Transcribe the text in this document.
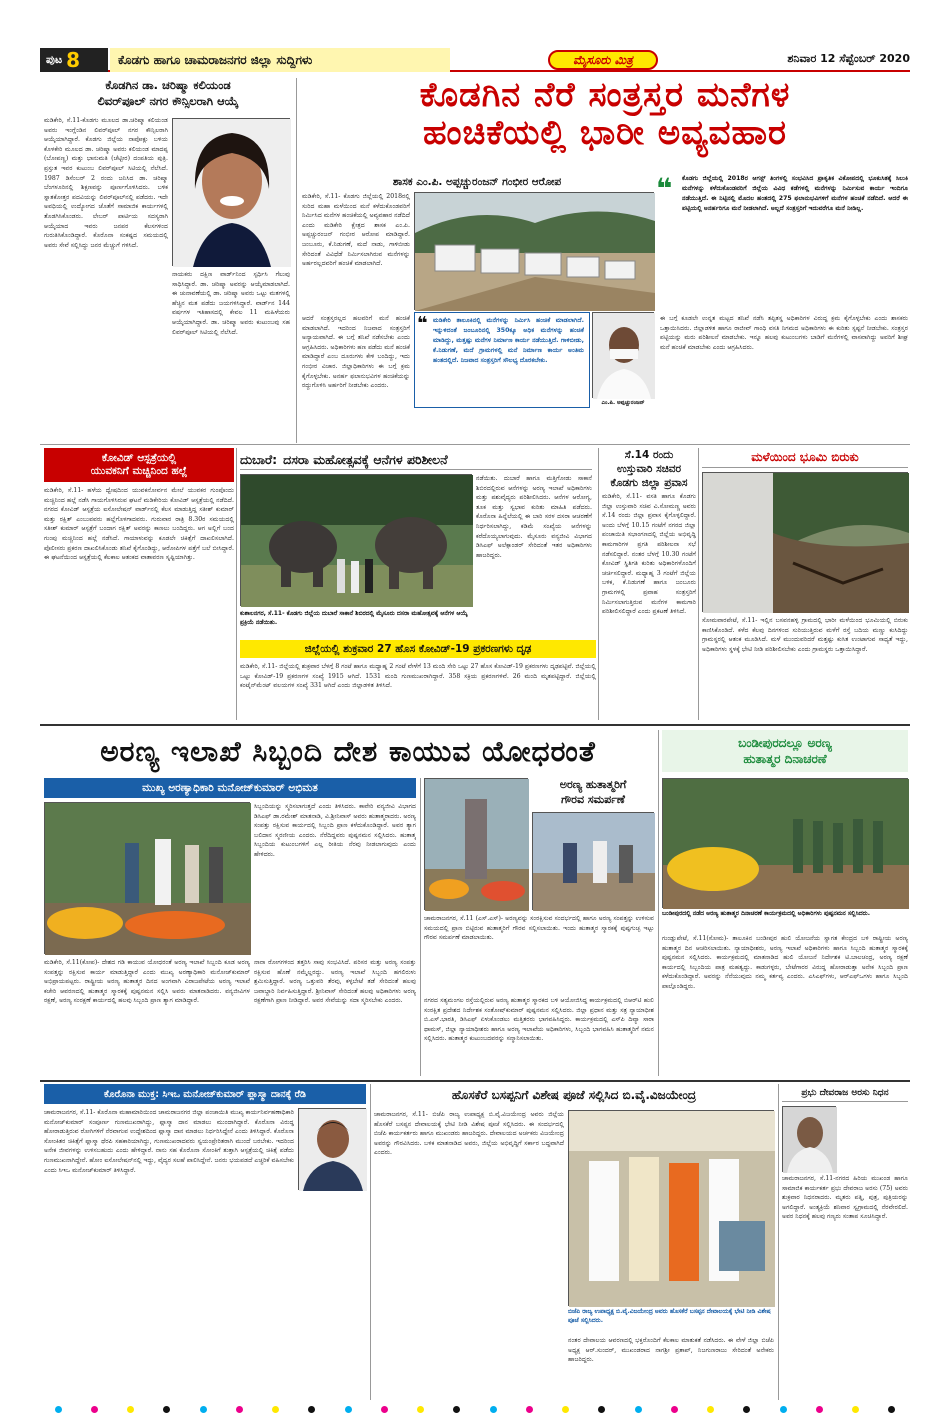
ಪುಟ 8	ಕೊಡಗು ಹಾಗೂ ಚಾಮರಾಜನಗರ ಜಿಲ್ಲಾ ಸುದ್ದಿಗಳು	ಮೈಸೂರು ಮಿತ್ರ	ಶನಿವಾರ 12 ಸೆಪ್ಟೆಂಬರ್ 2020
ಕೊಡಗಿನ ಡಾ. ಚರಿಷ್ಮಾ ಕಲಿಯಂಡ
ಲಿವರ್‌ಪೂಲ್ ನಗರ ಕೌನ್ಸಿಲರಾಗಿ ಆಯ್ಕೆ
ಮಡಿಕೇರಿ, ಸೆ.11-ಕೊಡಗು ಮೂಲದ ಡಾ.ಚರಿಷ್ಮಾ ಕಲಿಯಂಡ ಅವರು ಇಂಗ್ಲೆಂಡಿನ ಲಿವರ್‌ಪೂಲ್ ನಗರ ಕೌನ್ಸಿಲರಾಗಿ ಆಯ್ಕೆಯಾಗಿದ್ದಾರೆ. ಕೊಡಗು ಜಿಲ್ಲೆಯ ನಾಪೋಕ್ಲು ಬಳಿಯ ಕೊಳಕೇರಿ ಮೂಲದ ಡಾ. ಚರಿಷ್ಮಾ ಅವರು ಕಲಿಯಂಡ ಮಾದಪ್ಪ (ಬೋಪಣ್ಣ) ಮತ್ತು ಭಾನುಮತಿ (ಚೆಟ್ಟೀರ) ದಂಪತಿಯ ಪುತ್ರಿ. ಪ್ರಸ್ತುತ ಇವರ ಕುಟುಂಬ ಲಿವರ್‌ಪೂಲ್ ಸಿಟಿಯಲ್ಲಿ ನೆಲೆಸಿದೆ. 1987 ಡಿಸೆಂಬರ್ 2 ರಂದು ಜನಿಸಿದ ಡಾ. ಚರಿಷ್ಮಾ ಬೆಂಗಳೂರಿನಲ್ಲಿ ಶಿಕ್ಷಣವನ್ನು ಪೂರ್ಣಗೊಳಿಸಿದರು. ಬಳಿಕ ಸ್ನಾತಕೋತ್ತರ ಪದವಿಯನ್ನು ಲಿವರ್‌ಪೂಲ್‌ನಲ್ಲಿ ಪಡೆದರು. ಇದೇ ಅವಧಿಯಲ್ಲಿ ಉದ್ಯೋಗದ ಜೊತೆಗೆ ಸಾಮಾಜಿಕ ಕಾರ್ಯಗಳಲ್ಲಿ ತೊಡಗಿಸಿಕೊಂಡರು. ಲೇಬರ್ ಪಾರ್ಟಿಯ ಸದಸ್ಯರಾಗಿ ಆಯ್ಕೆಯಾದ ಇವರು ಜನಪರ ಕೆಲಸಗಳಿಂದ ಗುರುತಿಸಿಕೊಂಡಿದ್ದಾರೆ. ಕೊರೊನಾ ಸಂಕಷ್ಟದ ಸಮಯದಲ್ಲಿ ಅವರು ಸೇವೆ ಸಲ್ಲಿಸಿದ್ದು ಜನರ ಮೆಚ್ಚುಗೆ ಗಳಿಸಿದೆ.
ನಾಯಕರು ದಕ್ಷಿಣ ವಾರ್ಡ್‌ನಿಂದ ಸ್ಪರ್ಧಿಸಿ ಗೆಲುವು ಸಾಧಿಸಿದ್ದಾರೆ. ಡಾ. ಚರಿಷ್ಮಾ ಅವರನ್ನು ಆಯ್ಕೆಮಾಡಲಾಗಿದೆ. ಈ ಚುನಾವಣೆಯಲ್ಲಿ ಡಾ. ಚರಿಷ್ಮಾ ಅವರು ಒಟ್ಟು ಮತಗಳಲ್ಲಿ ಹೆಚ್ಚಿನ ಮತ ಪಡೆದು ಜಯಗಳಿಸಿದ್ದಾರೆ. ವಾರ್ಡ್‌ನ 144 ವರ್ಷಗಳ ಇತಿಹಾಸದಲ್ಲಿ ಕೇವಲ 11 ಮಹಿಳೆಯರು ಆಯ್ಕೆಯಾಗಿದ್ದಾರೆ. ಡಾ. ಚರಿಷ್ಮಾ ಅವರು ಕುಟುಂಬವು ಸಹ ಲಿವರ್‌ಪೂಲ್ ಸಿಟಿಯಲ್ಲಿ ನೆಲೆಸಿದೆ.
ಕೊಡಗಿನ ನೆರೆ ಸಂತ್ರಸ್ತರ ಮನೆಗಳ
ಹಂಚಿಕೆಯಲ್ಲಿ ಭಾರೀ ಅವ್ಯವಹಾರ
ಶಾಸಕ ಎಂ.ಪಿ. ಅಪ್ಪಚ್ಚುರಂಜನ್ ಗಂಭೀರ ಆರೋಪ
ಮಡಿಕೇರಿ, ಸೆ.11- ಕೊಡಗು ಜಿಲ್ಲೆಯಲ್ಲಿ 2018ರಲ್ಲಿ ಸುರಿದ ಮಹಾ ಮಳೆಯಿಂದ ಮನೆ ಕಳೆದುಕೊಂಡವರಿಗೆ ನಿರ್ಮಿಸಿದ ಮನೆಗಳ ಹಂಚಿಕೆಯಲ್ಲಿ ಅವ್ಯವಹಾರ ನಡೆದಿದೆ ಎಂದು ಮಡಿಕೇರಿ ಕ್ಷೇತ್ರದ ಶಾಸಕ ಎಂ.ಪಿ. ಅಪ್ಪಚ್ಚುರಂಜನ್ ಗಂಭೀರ ಆರೋಪ ಮಾಡಿದ್ದಾರೆ. ಜಂಬೂರು, ಕೆ.ನಿಡುಗಣೆ, ಮದೆ ನಾಡು, ಗಾಳಿಬೀಡು ಸೇರಿದಂತೆ ವಿವಿಧೆಡೆ ನಿರ್ಮಿಸಲಾಗಿರುವ ಮನೆಗಳನ್ನು ಅರ್ಹರಲ್ಲದವರಿಗೆ ಹಂಚಿಕೆ ಮಾಡಲಾಗಿದೆ.
❝ ಕೊಡಗು ಜಿಲ್ಲೆಯಲ್ಲಿ 2018ರ ಆಗಸ್ಟ್ ತಿಂಗಳಲ್ಲಿ ಸಂಭವಿಸಿದ ಪ್ರಾಕೃತಿಕ ವಿಕೋಪದಲ್ಲಿ ಭೂಕುಸಿತಕ್ಕೆ ಸಿಲುಕಿ ಮನೆಗಳನ್ನು ಕಳೆದುಕೊಂಡವರಿಗೆ ಜಿಲ್ಲೆಯ ವಿವಿಧ ಕಡೆಗಳಲ್ಲಿ ಮನೆಗಳನ್ನು ನಿರ್ಮಿಸುವ ಕಾರ್ಯ ಇಂದಿಗೂ ನಡೆಯುತ್ತಿದೆ. ಈ ನಿಟ್ಟಿನಲ್ಲಿ ಮೊದಲ ಹಂತದಲ್ಲಿ 275 ಫಲಾನುಭವಿಗಳಿಗೆ ಮನೆಗಳ ಹಂಚಿಕೆ ನಡೆದಿದೆ. ಆದರೆ ಈ ಪಟ್ಟಿಯಲ್ಲಿ ಅನರ್ಹರಿಗೂ ಮನೆ ನೀಡಲಾಗಿದೆ. ಅಲ್ಲದೆ ಸಂತ್ರಸ್ತರಿಗೆ ಇದುವರೆಗೂ ಮನೆ ನೀಡಿಲ್ಲ.
❝ ಮಡಿಕೇರಿ ತಾಲೂಕಿನಲ್ಲಿ ಮನೆಗಳನ್ನು ನಿರ್ಮಿಸಿ ಹಂಚಿಕೆ ಮಾಡಲಾಗಿದೆ. ಇನ್ನುಳಿದಂತೆ ಜಂಬೂರಿನಲ್ಲಿ 350ಕ್ಕೂ ಅಧಿಕ ಮನೆಗಳನ್ನು ಹಂಚಿಕೆ ಮಾಡಿದ್ದು, ಮತ್ತಷ್ಟು ಮನೆಗಳ ನಿರ್ಮಾಣ ಕಾರ್ಯ ನಡೆಯುತ್ತಿದೆ. ಗಾಳಿಬೀಡು, ಕೆ.ನಿಡುಗಣೆ, ಮದೆ ಗ್ರಾಮಗಳಲ್ಲಿ ಮನೆ ನಿರ್ಮಾಣ ಕಾರ್ಯ ಅಂತಿಮ ಹಂತದಲ್ಲಿದೆ. ನಿಜವಾದ ಸಂತ್ರಸ್ತರಿಗೆ ಸೌಲಭ್ಯ ದೊರಕಬೇಕು.
ಆದರೆ ಸಂತ್ರಸ್ತರಲ್ಲದ ಹಲವರಿಗೆ ಮನೆ ಹಂಚಿಕೆ ಮಾಡಲಾಗಿದೆ. ಇದರಿಂದ ನಿಜವಾದ ಸಂತ್ರಸ್ತರಿಗೆ ಅನ್ಯಾಯವಾಗಿದೆ. ಈ ಬಗ್ಗೆ ತನಿಖೆ ನಡೆಸಬೇಕು ಎಂದು ಆಗ್ರಹಿಸಿದರು. ಅಧಿಕಾರಿಗಳು ಹಣ ಪಡೆದು ಮನೆ ಹಂಚಿಕೆ ಮಾಡಿದ್ದಾರೆ ಎಂಬ ದೂರುಗಳು ಕೇಳಿ ಬಂದಿದ್ದು, ಇದು ಗಂಭೀರ ವಿಚಾರ. ಜಿಲ್ಲಾಧಿಕಾರಿಗಳು ಈ ಬಗ್ಗೆ ಕ್ರಮ ಕೈಗೊಳ್ಳಬೇಕು. ಅನರ್ಹ ಫಲಾನುಭವಿಗಳ ಹಂಚಿಕೆಯನ್ನು ರದ್ದುಗೊಳಿಸಿ ಅರ್ಹರಿಗೆ ನೀಡಬೇಕು ಎಂದರು.
ಎಂ.ಪಿ. ಅಪ್ಪಚ್ಚುರಂಜನ್
ಈ ಬಗ್ಗೆ ಕೂಡಲೇ ಉನ್ನತ ಮಟ್ಟದ ತನಿಖೆ ನಡೆಸಿ ತಪ್ಪಿತಸ್ಥ ಅಧಿಕಾರಿಗಳ ವಿರುದ್ಧ ಕ್ರಮ ಕೈಗೊಳ್ಳಬೇಕು ಎಂದು ಶಾಸಕರು ಒತ್ತಾಯಿಸಿದರು. ಜಿಲ್ಲಾಡಳಿತ ಹಾಗೂ ರಾಜೀವ್ ಗಾಂಧಿ ವಸತಿ ನಿಗಮದ ಅಧಿಕಾರಿಗಳು ಈ ಕುರಿತು ಸ್ಪಷ್ಟನೆ ನೀಡಬೇಕು. ಸಂತ್ರಸ್ತರ ಪಟ್ಟಿಯನ್ನು ಮರು ಪರಿಶೀಲನೆ ಮಾಡಬೇಕು. ಇನ್ನೂ ಹಲವು ಕುಟುಂಬಗಳು ಬಾಡಿಗೆ ಮನೆಗಳಲ್ಲಿ ವಾಸವಾಗಿದ್ದು ಅವರಿಗೆ ಶೀಘ್ರ ಮನೆ ಹಂಚಿಕೆ ಮಾಡಬೇಕು ಎಂದು ಆಗ್ರಹಿಸಿದರು.
ಕೋವಿಡ್ ಆಸ್ಪತ್ರೆಯಲ್ಲಿ
ಯುವಕನಿಗೆ ಮಚ್ಚಿನಿಂದ ಹಲ್ಲೆ
ಮಡಿಕೇರಿ, ಸೆ.11- ಹಳೆಯ ದ್ವೇಷದಿಂದ ಯುವಕನೋರ್ವನ ಮೇಲೆ ಯುವಕರ ಗುಂಪೊಂದು ಮಚ್ಚಿನಿಂದ ಹಲ್ಲೆ ನಡೆಸಿ ಗಾಯಗೊಳಿಸಿರುವ ಘಟನೆ ಮಡಿಕೇರಿಯ ಕೋವಿಡ್ ಆಸ್ಪತ್ರೆಯಲ್ಲಿ ನಡೆದಿದೆ. ನಗರದ ಕೋವಿಡ್ ಆಸ್ಪತ್ರೆಯ ಐಸೋಲೇಷನ್ ವಾರ್ಡ್‌ನಲ್ಲಿ ಕೆಲಸ ಮಾಡುತ್ತಿದ್ದ ಸತೀಶ್ ಕುಮಾರ್ ಮತ್ತು ರಕ್ಷಿತ್ ಎಂಬುವವರು ಹಲ್ಲೆಗೊಳಗಾದವರು. ಗುರುವಾರ ರಾತ್ರಿ 8.30ರ ಸಮಯದಲ್ಲಿ ಸತೀಶ್ ಕುಮಾರ್ ಆಸ್ಪತ್ರೆಗೆ ಬಂದಾಗ ರಕ್ಷಿತ್ ಅವರನ್ನು ಕಾಣಲು ಬಂದಿದ್ದರು. ಆಗ ಅಲ್ಲಿಗೆ ಬಂದ ಗುಂಪು ಮಚ್ಚಿನಿಂದ ಹಲ್ಲೆ ನಡೆಸಿದೆ. ಗಾಯಾಳುವನ್ನು ಕೂಡಲೇ ಚಿಕಿತ್ಸೆಗೆ ದಾಖಲಿಸಲಾಗಿದೆ. ಪೊಲೀಸರು ಪ್ರಕರಣ ದಾಖಲಿಸಿಕೊಂಡು ತನಿಖೆ ಕೈಗೊಂಡಿದ್ದು, ಆರೋಪಿಗಳ ಪತ್ತೆಗೆ ಬಲೆ ಬೀಸಿದ್ದಾರೆ. ಈ ಘಟನೆಯಿಂದ ಆಸ್ಪತ್ರೆಯಲ್ಲಿ ಕೆಲಕಾಲ ಆತಂಕದ ವಾತಾವರಣ ಸೃಷ್ಟಿಯಾಗಿತ್ತು.
ದುಬಾರೆ: ದಸರಾ ಮಹೋತ್ಸವಕ್ಕೆ ಆನೆಗಳ ಪರಿಶೀಲನೆ
ಕುಶಾಲನಗರ, ಸೆ.11- ಕೊಡಗು ಜಿಲ್ಲೆಯ ದುಬಾರೆ ಸಾಕಾನೆ ಶಿಬಿರದಲ್ಲಿ ಮೈಸೂರು ದಸರಾ ಮಹೋತ್ಸವಕ್ಕೆ ಆನೆಗಳ ಆಯ್ಕೆ ಪ್ರಕ್ರಿಯೆ ನಡೆಯಿತು.
ನಡೆಯಿತು. ದುಬಾರೆ ಹಾಗೂ ಮತ್ತಿಗೋಡು ಸಾಕಾನೆ ಶಿಬಿರದಲ್ಲಿರುವ ಆನೆಗಳನ್ನು ಅರಣ್ಯ ಇಲಾಖೆ ಅಧಿಕಾರಿಗಳು ಮತ್ತು ಪಶುವೈದ್ಯರು ಪರಿಶೀಲಿಸಿದರು. ಆನೆಗಳ ಆರೋಗ್ಯ, ತೂಕ ಮತ್ತು ಸ್ವಭಾವ ಕುರಿತು ಮಾಹಿತಿ ಪಡೆದರು. ಕೊರೊನಾ ಹಿನ್ನೆಲೆಯಲ್ಲಿ ಈ ಬಾರಿ ಸರಳ ದಸರಾ ಆಚರಣೆಗೆ ನಿರ್ಧರಿಸಲಾಗಿದ್ದು, ಕಡಿಮೆ ಸಂಖ್ಯೆಯ ಆನೆಗಳನ್ನು ಕರೆದೊಯ್ಯಲಾಗುವುದು. ಮೈಸೂರು ವನ್ಯಜೀವಿ ವಿಭಾಗದ ಡಿಸಿಎಫ್ ಅಲೆಕ್ಸಾಂಡರ್ ಸೇರಿದಂತೆ ಇತರ ಅಧಿಕಾರಿಗಳು ಹಾಜರಿದ್ದರು.
ಜಿಲ್ಲೆಯಲ್ಲಿ ಶುಕ್ರವಾರ 27 ಹೊಸ ಕೋವಿಡ್-19 ಪ್ರಕರಣಗಳು ದೃಢ
ಮಡಿಕೇರಿ, ಸೆ.11- ಜಿಲ್ಲೆಯಲ್ಲಿ ಶುಕ್ರವಾರ ಬೆಳಗ್ಗೆ 8 ಗಂಟೆ ಹಾಗೂ ಮಧ್ಯಾಹ್ನ 2 ಗಂಟೆ ವೇಳೆಗೆ 13 ಮಂದಿ ಸೇರಿ ಒಟ್ಟು 27 ಹೊಸ ಕೋವಿಡ್-19 ಪ್ರಕರಣಗಳು ದೃಢಪಟ್ಟಿವೆ. ಜಿಲ್ಲೆಯಲ್ಲಿ ಒಟ್ಟು ಕೋವಿಡ್-19 ಪ್ರಕರಣಗಳ ಸಂಖ್ಯೆ 1915 ಆಗಿದೆ. 1531 ಮಂದಿ ಗುಣಮುಖರಾಗಿದ್ದಾರೆ. 358 ಸಕ್ರಿಯ ಪ್ರಕರಣಗಳಿವೆ. 26 ಮಂದಿ ಮೃತಪಟ್ಟಿದ್ದಾರೆ. ಜಿಲ್ಲೆಯಲ್ಲಿ ಕಂಟೈನ್‌ಮೆಂಟ್ ವಲಯಗಳ ಸಂಖ್ಯೆ 331 ಆಗಿದೆ ಎಂದು ಜಿಲ್ಲಾಡಳಿತ ತಿಳಿಸಿದೆ.
ಸೆ.14 ರಂದು
ಉಸ್ತುವಾರಿ ಸಚಿವರ
ಕೊಡಗು ಜಿಲ್ಲಾ ಪ್ರವಾಸ
ಮಡಿಕೇರಿ, ಸೆ.11- ವಸತಿ ಹಾಗೂ ಕೊಡಗು ಜಿಲ್ಲಾ ಉಸ್ತುವಾರಿ ಸಚಿವ ವಿ.ಸೋಮಣ್ಣ ಅವರು ಸೆ.14 ರಂದು ಜಿಲ್ಲಾ ಪ್ರವಾಸ ಕೈಗೊಳ್ಳಲಿದ್ದಾರೆ. ಅಂದು ಬೆಳಗ್ಗೆ 10.15 ಗಂಟೆಗೆ ನಗರದ ಜಿಲ್ಲಾ ಪಂಚಾಯಿತಿ ಸಭಾಂಗಣದಲ್ಲಿ ಜಿಲ್ಲೆಯ ಅಭಿವೃದ್ಧಿ ಕಾಮಗಾರಿಗಳ ಪ್ರಗತಿ ಪರಿಶೀಲನಾ ಸಭೆ ನಡೆಸಲಿದ್ದಾರೆ. ನಂತರ ಬೆಳಗ್ಗೆ 10.30 ಗಂಟೆಗೆ ಕೋವಿಡ್ ಸ್ಥಿತಿಗತಿ ಕುರಿತು ಅಧಿಕಾರಿಗಳೊಂದಿಗೆ ಚರ್ಚಿಸಲಿದ್ದಾರೆ. ಮಧ್ಯಾಹ್ನ 3 ಗಂಟೆಗೆ ಜಿಲ್ಲೆಯ ಬಳಿಕ, ಕೆ.ನಿಡುಗಣೆ ಹಾಗೂ ಜಂಬೂರು ಗ್ರಾಮಗಳಲ್ಲಿ ಪ್ರವಾಹ ಸಂತ್ರಸ್ತರಿಗೆ ನಿರ್ಮಿಸಲಾಗುತ್ತಿರುವ ಮನೆಗಳ ಕಾಮಗಾರಿ ಪರಿಶೀಲಿಸಲಿದ್ದಾರೆ ಎಂದು ಪ್ರಕಟಣೆ ತಿಳಿಸಿದೆ.
ಮಳೆಯಿಂದ ಭೂಮಿ ಬಿರುಕು
ಸೋಮವಾರಪೇಟೆ, ಸೆ.11- ಇಲ್ಲಿನ ಬಸವನಹಳ್ಳಿ ಗ್ರಾಮದಲ್ಲಿ ಭಾರೀ ಮಳೆಯಿಂದ ಭೂಮಿಯಲ್ಲಿ ಬಿರುಕು ಕಾಣಿಸಿಕೊಂಡಿದೆ. ಕಳೆದ ಕೆಲವು ದಿನಗಳಿಂದ ಸುರಿಯುತ್ತಿರುವ ಮಳೆಗೆ ರಸ್ತೆ ಬದಿಯ ಮಣ್ಣು ಕುಸಿದಿದ್ದು ಗ್ರಾಮಸ್ಥರಲ್ಲಿ ಆತಂಕ ಮೂಡಿಸಿದೆ. ಮಳೆ ಮುಂದುವರಿದರೆ ಮತ್ತಷ್ಟು ಕುಸಿತ ಉಂಟಾಗುವ ಸಾಧ್ಯತೆ ಇದ್ದು, ಅಧಿಕಾರಿಗಳು ಸ್ಥಳಕ್ಕೆ ಭೇಟಿ ನೀಡಿ ಪರಿಶೀಲಿಸಬೇಕು ಎಂದು ಗ್ರಾಮಸ್ಥರು ಒತ್ತಾಯಿಸಿದ್ದಾರೆ.
ಅರಣ್ಯ ಇಲಾಖೆ ಸಿಬ್ಬಂದಿ ದೇಶ ಕಾಯುವ ಯೋಧರಂತೆ
ಮುಖ್ಯ ಅರಣ್ಯಾಧಿಕಾರಿ ಮನೋಜ್‌ಕುಮಾರ್ ಅಭಿಮತ
ಸಿಬ್ಬಂದಿಯನ್ನು ಸ್ಮರಿಸಲಾಗುತ್ತದೆ ಎಂದು ತಿಳಿಸಿದರು. ಕಾವೇರಿ ವನ್ಯಜೀವಿ ವಿಭಾಗದ ಡಿಸಿಎಫ್ ಡಾ.ರಮೇಶ್ ಮಾತನಾಡಿ, ವಿ.ಶ್ರೀನಿವಾಸ್ ಅವರು ಹುತಾತ್ಮರಾದರು. ಅರಣ್ಯ ಸಂಪತ್ತು ರಕ್ಷಿಸುವ ಕಾರ್ಯದಲ್ಲಿ ಸಿಬ್ಬಂದಿ ಪ್ರಾಣ ಕಳೆದುಕೊಂಡಿದ್ದಾರೆ. ಅವರ ತ್ಯಾಗ ಬಲಿದಾನ ಸ್ಮರಣೀಯ ಎಂದರು. ನೆರೆದಿದ್ದವರು ಪುಷ್ಪನಮನ ಸಲ್ಲಿಸಿದರು. ಹುತಾತ್ಮ ಸಿಬ್ಬಂದಿಯ ಕುಟುಂಬಗಳಿಗೆ ಎಲ್ಲ ರೀತಿಯ ನೆರವು ನೀಡಲಾಗುವುದು ಎಂದು ಹೇಳಿದರು.
ಮಡಿಕೇರಿ, ಸೆ.11(ಕೋಪ)- ದೇಶದ ಗಡಿ ಕಾಯುವ ಯೋಧರಂತೆ ಅರಣ್ಯ ಇಲಾಖೆ ಸಿಬ್ಬಂದಿ ಕೂಡ ಅರಣ್ಯ ಸಂಪತ್ತನ್ನು ರಕ್ಷಿಸುವ ಕಾರ್ಯ ಮಾಡುತ್ತಿದ್ದಾರೆ ಎಂದು ಮುಖ್ಯ ಅರಣ್ಯಾಧಿಕಾರಿ ಮನೋಜ್‌ಕುಮಾರ್ ಅಭಿಪ್ರಾಯಪಟ್ಟರು. ರಾಷ್ಟ್ರೀಯ ಅರಣ್ಯ ಹುತಾತ್ಮರ ದಿನದ ಅಂಗವಾಗಿ ವಿರಾಜಪೇಟೆಯ ಅರಣ್ಯ ಇಲಾಖೆ ಕಚೇರಿ ಆವರಣದಲ್ಲಿ ಹುತಾತ್ಮರ ಸ್ಮಾರಕಕ್ಕೆ ಪುಷ್ಪನಮನ ಸಲ್ಲಿಸಿ ಅವರು ಮಾತನಾಡಿದರು. ವನ್ಯಜೀವಿಗಳ ರಕ್ಷಣೆ, ಅರಣ್ಯ ಸಂರಕ್ಷಣೆ ಕಾರ್ಯದಲ್ಲಿ ಹಲವು ಸಿಬ್ಬಂದಿ ಪ್ರಾಣ ತ್ಯಾಗ ಮಾಡಿದ್ದಾರೆ.
ನಾನಾ ರೋಗಗಳಿಂದ ತತ್ತರಿಸಿ ಸಾವು ಸಂಭವಿಸಿದೆ. ಪರಿಸರ ಮತ್ತು ಅರಣ್ಯ ಸಂಪತ್ತು ರಕ್ಷಿಸುವ ಹೊಣೆ ನಮ್ಮೆಲ್ಲರದ್ದು. ಅರಣ್ಯ ಇಲಾಖೆ ಸಿಬ್ಬಂದಿ ಹಗಲಿರುಳು ಶ್ರಮಿಸುತ್ತಿದ್ದಾರೆ. ಅರಣ್ಯ ಒತ್ತುವರಿ ತೆರವು, ಕಳ್ಳಬೇಟೆ ತಡೆ ಸೇರಿದಂತೆ ಹಲವು ಜವಾಬ್ದಾರಿ ನಿರ್ವಹಿಸುತ್ತಿದ್ದಾರೆ. ಶ್ರೀನಿವಾಸ್ ಸೇರಿದಂತೆ ಹಲವು ಅಧಿಕಾರಿಗಳು ಅರಣ್ಯ ರಕ್ಷಣೆಗಾಗಿ ಪ್ರಾಣ ನೀಡಿದ್ದಾರೆ. ಅವರ ಸೇವೆಯನ್ನು ಸದಾ ಸ್ಮರಿಸಬೇಕು ಎಂದರು.
ಅರಣ್ಯ ಹುತಾತ್ಮರಿಗೆ
ಗೌರವ ಸಮರ್ಪಣೆ
ಚಾಮರಾಜನಗರ, ಸೆ.11 (ಎಸ್.ಎಸ್)- ಅರಣ್ಯವನ್ನು ಸಂರಕ್ಷಿಸುವ ಸಂದರ್ಭದಲ್ಲಿ ಹಾಗೂ ಅರಣ್ಯ ಸಂಪತ್ತನ್ನು ಉಳಿಸುವ ಸಮಯದಲ್ಲಿ ಪ್ರಾಣ ಬಿಟ್ಟಿರುವ ಹುತಾತ್ಮರಿಗೆ ಗೌರವ ಸಲ್ಲಿಸಲಾಯಿತು. ಇಂದು ಹುತಾತ್ಮರ ಸ್ಮಾರಕಕ್ಕೆ ಪುಷ್ಪಗುಚ್ಛ ಇಟ್ಟು ಗೌರವ ಸಮರ್ಪಣೆ ಮಾಡಲಾಯಿತು.
ನಗರದ ಸತ್ಯಮಂಗಲ ರಸ್ತೆಯಲ್ಲಿರುವ ಅರಣ್ಯ ಹುತಾತ್ಮರ ಸ್ಮಾರಕದ ಬಳಿ ಆಯೋಜಿಸಿದ್ದ ಕಾರ್ಯಕ್ರಮದಲ್ಲಿ ಬಿಆರ್‌ಟಿ ಹುಲಿ ಸಂರಕ್ಷಿತ ಪ್ರದೇಶದ ನಿರ್ದೇಶಕ ಸಂತೋಷ್‌ಕುಮಾರ್ ಪುಷ್ಪನಮನ ಸಲ್ಲಿಸಿದರು. ಜಿಲ್ಲಾ ಪ್ರಧಾನ ಮತ್ತು ಸತ್ರ ನ್ಯಾಯಾಧೀಶ ಬಿ.ಎಸ್.ಭಾರತಿ, ಡಿಸಿಎಫ್ ಏಳುಕೊಂಡಲು ಮತ್ತಿತರರು ಭಾಗವಹಿಸಿದ್ದರು. ಕಾರ್ಯಕ್ರಮದಲ್ಲಿ ಎಸ್‌ಪಿ ದಿವ್ಯಾ ಸಾರಾ ಥಾಮಸ್, ಜಿಲ್ಲಾ ನ್ಯಾಯಾಧೀಶರು ಹಾಗೂ ಅರಣ್ಯ ಇಲಾಖೆಯ ಅಧಿಕಾರಿಗಳು, ಸಿಬ್ಬಂದಿ ಭಾಗವಹಿಸಿ ಹುತಾತ್ಮರಿಗೆ ನಮನ ಸಲ್ಲಿಸಿದರು. ಹುತಾತ್ಮರ ಕುಟುಂಬದವರನ್ನು ಸನ್ಮಾನಿಸಲಾಯಿತು.
ಬಂಡೀಪುರದಲ್ಲೂ ಅರಣ್ಯ
ಹುತಾತ್ಮರ ದಿನಾಚರಣೆ
ಬಂಡೀಪುರದಲ್ಲಿ ನಡೆದ ಅರಣ್ಯ ಹುತಾತ್ಮರ ದಿನಾಚರಣೆ ಕಾರ್ಯಕ್ರಮದಲ್ಲಿ ಅಧಿಕಾರಿಗಳು ಪುಷ್ಪನಮನ ಸಲ್ಲಿಸಿದರು.
ಗುಂಡ್ಲುಪೇಟೆ, ಸೆ.11(ಸೋಮ)- ತಾಲೂಕಿನ ಬಂಡೀಪುರ ಹುಲಿ ಯೋಜನೆಯ ಸ್ವಾಗತ ಕೇಂದ್ರದ ಬಳಿ ರಾಷ್ಟ್ರೀಯ ಅರಣ್ಯ ಹುತಾತ್ಮರ ದಿನ ಆಚರಿಸಲಾಯಿತು. ನ್ಯಾಯಾಧೀಶರು, ಅರಣ್ಯ ಇಲಾಖೆ ಅಧಿಕಾರಿಗಳು ಹಾಗೂ ಸಿಬ್ಬಂದಿ ಹುತಾತ್ಮರ ಸ್ಮಾರಕಕ್ಕೆ ಪುಷ್ಪನಮನ ಸಲ್ಲಿಸಿದರು. ಕಾರ್ಯಕ್ರಮದಲ್ಲಿ ಮಾತನಾಡಿದ ಹುಲಿ ಯೋಜನೆ ನಿರ್ದೇಶಕ ಟಿ.ಬಾಲಚಂದ್ರ, ಅರಣ್ಯ ರಕ್ಷಣೆ ಕಾರ್ಯದಲ್ಲಿ ಸಿಬ್ಬಂದಿಯ ಪಾತ್ರ ಮಹತ್ವದ್ದು. ಕಾಡುಗಳ್ಳರು, ಬೇಟೆಗಾರರ ವಿರುದ್ಧ ಹೋರಾಡುತ್ತಾ ಅನೇಕ ಸಿಬ್ಬಂದಿ ಪ್ರಾಣ ಕಳೆದುಕೊಂಡಿದ್ದಾರೆ. ಅವರನ್ನು ನೆನೆಯುವುದು ನಮ್ಮ ಕರ್ತವ್ಯ ಎಂದರು. ಎಸಿಎಫ್‌ಗಳು, ಆರ್‌ಎಫ್‌ಒಗಳು ಹಾಗೂ ಸಿಬ್ಬಂದಿ ಪಾಲ್ಗೊಂಡಿದ್ದರು.
ಕೊರೊನಾ ಮುಕ್ತ: ಸಿಇಒ ಮನೋಜ್‌ಕುಮಾರ್ ಪ್ಲಾಸ್ಮಾ ದಾನಕ್ಕೆ ರೆಡಿ
ಚಾಮರಾಜನಗರ, ಸೆ.11- ಕೊರೊನಾ ಮಹಾಮಾರಿಯಿಂದ ಚಾಮರಾಜನಗರ ಜಿಲ್ಲಾ ಪಂಚಾಯಿತಿ ಮುಖ್ಯ ಕಾರ್ಯನಿರ್ವಹಣಾಧಿಕಾರಿ ಮನೋಜ್‌ಕುಮಾರ್ ಸಂಪೂರ್ಣ ಗುಣಮುಖರಾಗಿದ್ದು, ಪ್ಲಾಸ್ಮಾ ದಾನ ಮಾಡಲು ಮುಂದಾಗಿದ್ದಾರೆ. ಕೊರೊನಾ ವಿರುದ್ಧ ಹೋರಾಡುತ್ತಿರುವ ರೋಗಿಗಳಿಗೆ ನೆರವಾಗುವ ಉದ್ದೇಶದಿಂದ ಪ್ಲಾಸ್ಮಾ ದಾನ ಮಾಡಲು ನಿರ್ಧರಿಸಿದ್ದೇನೆ ಎಂದು ತಿಳಿಸಿದ್ದಾರೆ. ಕೊರೊನಾ ಸೋಂಕಿತರ ಚಿಕಿತ್ಸೆಗೆ ಪ್ಲಾಸ್ಮಾ ಥೆರಪಿ ಸಹಕಾರಿಯಾಗಿದ್ದು, ಗುಣಮುಖರಾದವರು ಸ್ವಯಂಪ್ರೇರಿತರಾಗಿ ಮುಂದೆ ಬರಬೇಕು. ಇದರಿಂದ ಅನೇಕ ಜೀವಗಳನ್ನು ಉಳಿಸಬಹುದು ಎಂದು ಹೇಳಿದ್ದಾರೆ. ನಾನು ಸಹ ಕೊರೊನಾ ಸೋಂಕಿಗೆ ತುತ್ತಾಗಿ ಆಸ್ಪತ್ರೆಯಲ್ಲಿ ಚಿಕಿತ್ಸೆ ಪಡೆದು ಗುಣಮುಖನಾಗಿದ್ದೇನೆ. ಹೋಂ ಐಸೋಲೇಷನ್‌ನಲ್ಲಿ ಇದ್ದು, ವೈದ್ಯರ ಸಲಹೆ ಪಾಲಿಸಿದ್ದೇನೆ. ಜನರು ಭಯಪಡದೆ ಎಚ್ಚರಿಕೆ ವಹಿಸಬೇಕು ಎಂದು ಸಿಇಒ ಮನೋಜ್‌ಕುಮಾರ್ ತಿಳಿಸಿದ್ದಾರೆ.
ಹೊಸಕೆರೆ ಬಸಪ್ಪನಿಗೆ ವಿಶೇಷ ಪೂಜೆ ಸಲ್ಲಿಸಿದ ಬಿ.ವೈ.ವಿಜಯೇಂದ್ರ
ಚಾಮರಾಜನಗರ, ಸೆ.11- ಬಿಜೆಪಿ ರಾಜ್ಯ ಉಪಾಧ್ಯಕ್ಷ ಬಿ.ವೈ.ವಿಜಯೇಂದ್ರ ಅವರು ಜಿಲ್ಲೆಯ ಹೊಸಕೆರೆ ಬಸಪ್ಪನ ದೇವಾಲಯಕ್ಕೆ ಭೇಟಿ ನೀಡಿ ವಿಶೇಷ ಪೂಜೆ ಸಲ್ಲಿಸಿದರು. ಈ ಸಂದರ್ಭದಲ್ಲಿ ಬಿಜೆಪಿ ಕಾರ್ಯಕರ್ತರು ಹಾಗೂ ಮುಖಂಡರು ಹಾಜರಿದ್ದರು. ದೇವಾಲಯದ ಅರ್ಚಕರು ವಿಜಯೇಂದ್ರ ಅವರನ್ನು ಗೌರವಿಸಿದರು. ಬಳಿಕ ಮಾತನಾಡಿದ ಅವರು, ಜಿಲ್ಲೆಯ ಅಭಿವೃದ್ಧಿಗೆ ಸರ್ಕಾರ ಬದ್ಧವಾಗಿದೆ ಎಂದರು.
ಬಿಜೆಪಿ ರಾಜ್ಯ ಉಪಾಧ್ಯಕ್ಷ ಬಿ.ವೈ.ವಿಜಯೇಂದ್ರ ಅವರು ಹೊಸಕೆರೆ ಬಸಪ್ಪನ ದೇವಾಲಯಕ್ಕೆ ಭೇಟಿ ನೀಡಿ ವಿಶೇಷ ಪೂಜೆ ಸಲ್ಲಿಸಿದರು.
ನಂತರ ದೇವಾಲಯ ಆವರಣದಲ್ಲಿ ಭಕ್ತರೊಂದಿಗೆ ಕೆಲಕಾಲ ಮಾತುಕತೆ ನಡೆಸಿದರು. ಈ ವೇಳೆ ಜಿಲ್ಲಾ ಬಿಜೆಪಿ ಅಧ್ಯಕ್ಷ ಆರ್.ಸುಂದರ್, ಮುಖಂಡರಾದ ನಾಗಶ್ರೀ ಪ್ರತಾಪ್, ನಿಜಗುಣರಾಜು ಸೇರಿದಂತೆ ಅನೇಕರು ಹಾಜರಿದ್ದರು.
ಪ್ರಭು ದೇವರಾಜ ಅರಸು ನಿಧನ
ಚಾಮರಾಜನಗರ, ಸೆ.11-ನಗರದ ಹಿರಿಯ ಮುಖಂಡ ಹಾಗೂ ಸಾಮಾಜಿಕ ಕಾರ್ಯಕರ್ತ ಪ್ರಭು ದೇವರಾಜ ಅರಸು (75) ಅವರು ಶುಕ್ರವಾರ ನಿಧನರಾದರು. ಮೃತರು ಪತ್ನಿ, ಪುತ್ರ, ಪುತ್ರಿಯರನ್ನು ಅಗಲಿದ್ದಾರೆ. ಅಂತ್ಯಕ್ರಿಯೆ ಶನಿವಾರ ಸ್ವಗ್ರಾಮದಲ್ಲಿ ನೆರವೇರಲಿದೆ. ಅವರ ನಿಧನಕ್ಕೆ ಹಲವು ಗಣ್ಯರು ಸಂತಾಪ ಸೂಚಿಸಿದ್ದಾರೆ.
